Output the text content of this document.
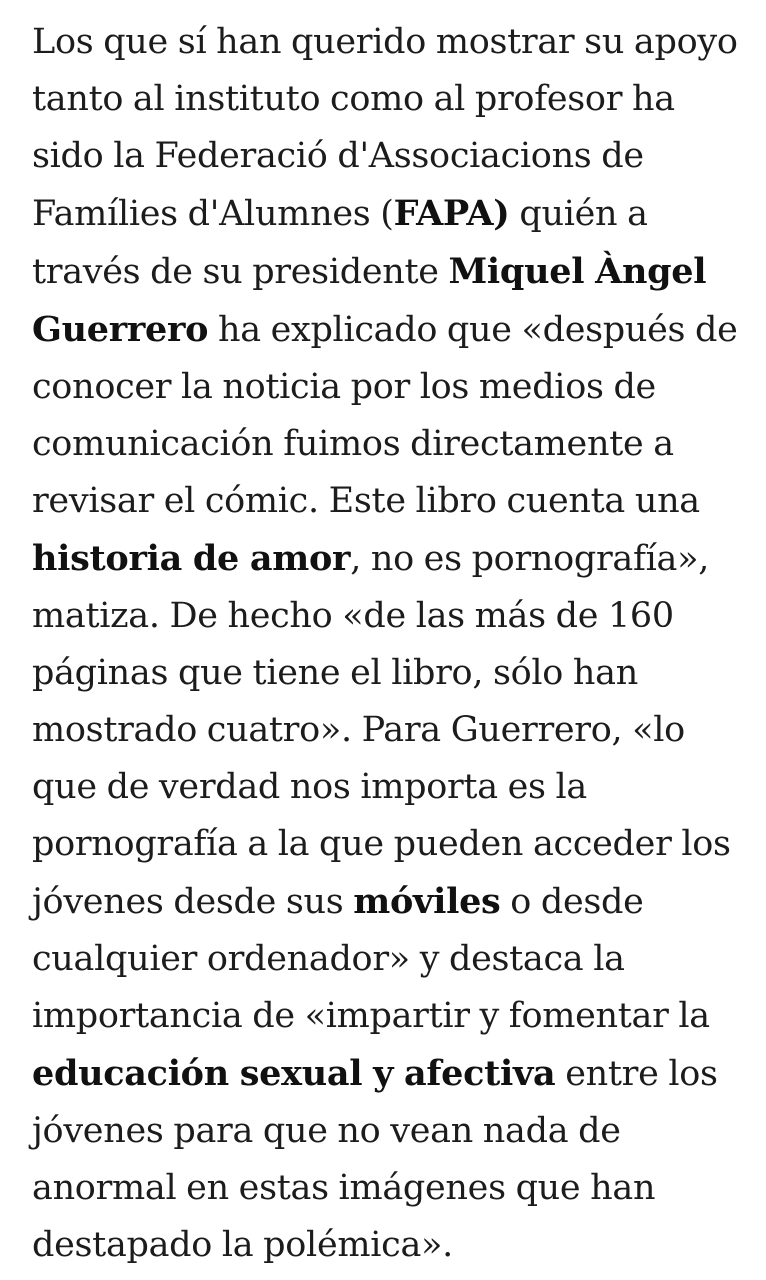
Los que sí han querido mostrar su apoyo
tanto al instituto como al profesor ha
sido la Federació d'Associacions de
Famílies d'Alumnes (FAPA) quién a
través de su presidente Miquel Àngel
Guerrero ha explicado que «después de
conocer la noticia por los medios de
comunicación fuimos directamente a
revisar el cómic. Este libro cuenta una
historia de amor, no es pornografía»,
matiza. De hecho «de las más de 160
páginas que tiene el libro, sólo han
mostrado cuatro». Para Guerrero, «lo
que de verdad nos importa es la
pornografía a la que pueden acceder los
jóvenes desde sus móviles o desde
cualquier ordenador» y destaca la
importancia de «impartir y fomentar la
educación sexual y afectiva entre los
jóvenes para que no vean nada de
anormal en estas imágenes que han
destapado la polémica».
